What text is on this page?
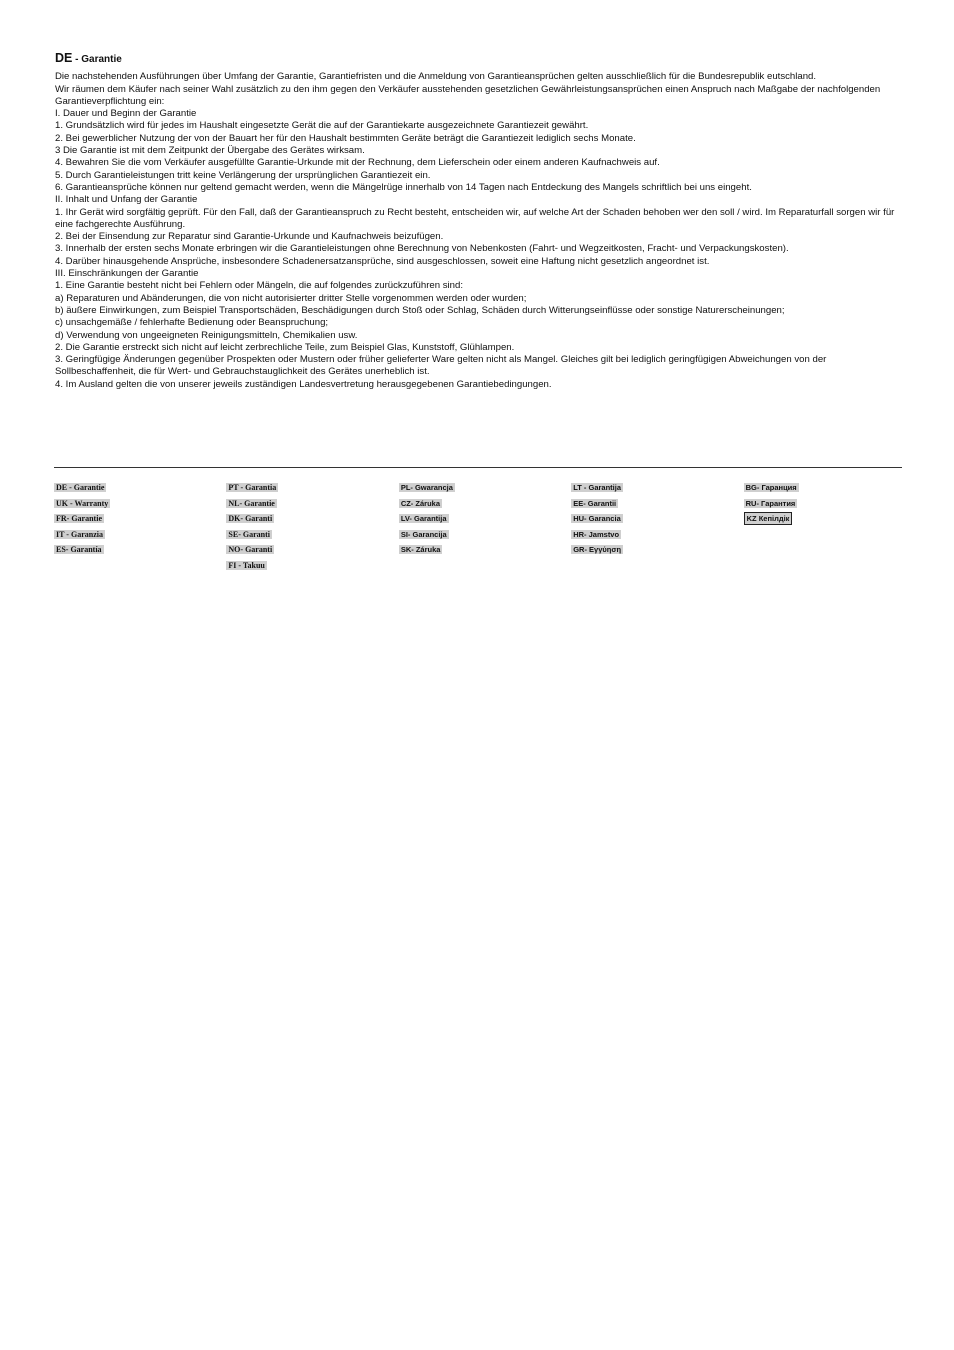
DE - Garantie

Die nachstehenden Ausführungen über Umfang der Garantie, Garantiefristen und die Anmeldung von Garantieansprüchen gelten ausschließlich für die Bundesrepublik eutschland.

Wir räumen dem Käufer nach seiner Wahl zusätzlich zu den ihm gegen den Verkäufer ausstehenden gesetzlichen Gewährleistungsansprüchen einen Anspruch nach Maßgabe der nachfolgenden Garantieverpflichtung ein:

I. Dauer und Beginn der Garantie

1. Grundsätzlich wird für jedes im Haushalt eingesetzte Gerät die auf der Garantiekarte ausgezeichnete Garantiezeit gewährt.

2. Bei gewerblicher Nutzung der von der Bauart her für den Haushalt bestimmten Geräte beträgt die Garantiezeit lediglich sechs Monate.

3 Die Garantie ist mit dem Zeitpunkt der Übergabe des Gerätes wirksam.

4. Bewahren Sie die vom Verkäufer ausgefüllte Garantie-Urkunde mit der Rechnung, dem Lieferschein oder einem anderen Kaufnachweis auf.

5. Durch Garantieleistungen tritt keine Verlängerung der ursprünglichen Garantiezeit ein.

6. Garantieansprüche können nur geltend gemacht werden, wenn die Mängelrüge innerhalb von 14 Tagen nach Entdeckung des Mangels schriftlich bei uns eingeht.

II. Inhalt und Unfang der Garantie

1. Ihr Gerät wird sorgfältig geprüft. Für den Fall, daß der Garantieanspruch zu Recht besteht, entscheiden wir, auf welche Art der Schaden behoben wer den soll / wird. Im Reparaturfall sorgen wir für eine fachgerechte Ausführung.

2. Bei der Einsendung zur Reparatur sind Garantie-Urkunde und Kaufnachweis beizufügen.

3. Innerhalb der ersten sechs Monate erbringen wir die Garantieleistungen ohne Berechnung von Nebenkosten (Fahrt- und Wegzeitkosten, Fracht- und Verpackungskosten).

4. Darüber hinausgehende Ansprüche, insbesondere Schadenersatzansprüche, sind ausgeschlossen, soweit eine Haftung nicht gesetzlich angeordnet ist.

III. Einschränkungen der Garantie

1. Eine Garantie besteht nicht bei Fehlern oder Mängeln, die auf folgendes zurückzuführen sind:

a) Reparaturen und Abänderungen, die von nicht autorisierter dritter Stelle vorgenommen werden oder wurden;

b) äußere Einwirkungen, zum Beispiel Transportschäden, Beschädigungen durch Stoß oder Schlag, Schäden durch Witterungseinflüsse oder sonstige Naturerscheinungen;

c) unsachgemäße / fehlerhafte Bedienung oder Beanspruchung;

d) Verwendung von ungeeigneten Reinigungsmitteln, Chemikalien usw.

2. Die Garantie erstreckt sich nicht auf leicht zerbrechliche Teile, zum Beispiel Glas, Kunststoff, Glühlampen.

3. Geringfügige Änderungen gegenüber Prospekten oder Mustern oder früher gelieferter Ware gelten nicht als Mangel. Gleiches gilt bei lediglich geringfügigen Abweichungen von der Sollbeschaffenheit, die für Wert- und Gebrauchstauglichkeit des Gerätes unerheblich ist.

4. Im Ausland gelten die von unserer jeweils zuständigen Landesvertretung herausgegebenen Garantiebedingungen.

DE - Garantie
UK - Warranty
FR- Garantie
IT - Garanzia
ES- Garantía
PT - Garantia
NL- Garantie
DK- Garanti
SE- Garanti
NO- Garanti
FI - Takuu
PL- Gwarancja
CZ- Záruka
LV- Garantija
SI- Garancija
SK- Záruka
LT - Garantija
EE- Garantii
HU- Garancia
HR- Jamstvo
GR- Εγγύηση
BG- Гаранция
RU- Гарантия
KZ Кепілдік
